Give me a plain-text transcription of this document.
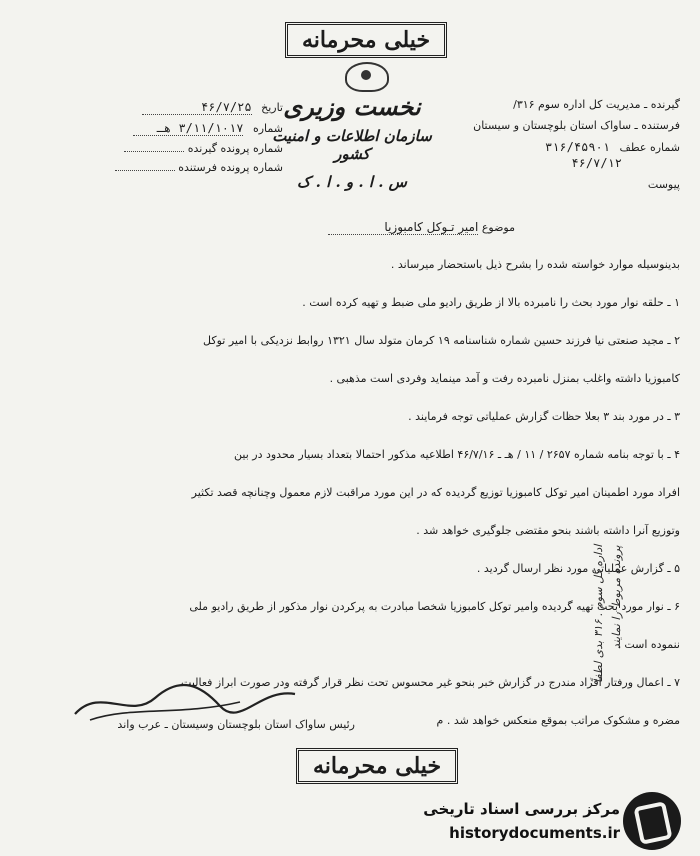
خیلی محرمانه
نخست وزیری
سازمان اطلاعات و امنیت کشور
س . ا . و . ا . ک
تاریخ ۴۶/۷/۲۵
شماره ۳/۱۱/۱۰۱۷ هـ
شماره پرونده گیرنده
شماره پرونده فرستنده
گیرنده ـ مدیریت کل اداره سوم ۳۱۶/
فرستنده ـ ساواک استان بلوچستان و سیستان
شماره عطف ۳۱۶/۴۵۹۰۱
۴۶/۷/۱۲
پیوست
موضوع امیر تـوکل کامبوزیا
بدینوسیله موارد خواسته شده را بشرح ذیل باستحضار میرساند .
۱ ـ حلقه نوار مورد بحث را نامبرده بالا از طریق رادیو ملی ضبط و تهیه کرده است .
۲ ـ مجید صنعتی نیا فرزند حسین شماره شناسنامه ۱۹ کرمان متولد سال ۱۳۲۱ روابط نزدیکی با امیر توکل
کامبوزیا داشته واغلب بمنزل نامبرده رفت و آمد مینماید وفردی است مذهبی .
۳ ـ در مورد بند ۳ بعلا حظات گزارش عملیاتی توجه فرمایند .
۴ ـ با توجه بنامه شماره ۲۶۵۷ / ۱۱ / هـ ـ ۴۶/۷/۱۶ اطلاعیه مذکور احتمالا بتعداد بسیار محدود در بین
افراد مورد اطمینان امیر توکل کامبوزیا توزیع گردیده که در این مورد مراقبت لازم معمول وچنانچه قصد تکثیر
وتوزیع آنرا داشته باشند بنحو مقتضی جلوگیری خواهد شد .
۵ ـ گزارش عملیاتی مورد نظر ارسال گردید .
۶ ـ نوار مورد بحث تهیه گردیده وامیر توکل کامبوزیا شخصا مبادرت به پرکردن نوار مذکور از طریق رادیو ملی
ننموده است .
۷ ـ اعمال ورفتار افراد مندرج در گزارش خبر بنحو غیر محسوس تحت نظر قرار گرفته ودر صورت ابراز فعالیت
مضره و مشکوک مراتب بموقع منعکس خواهد شد . م
اداره کل سوم . ۳۱۶ بدی لطفاً پرونده مربوط را نمایند
رئیس ساواک استان بلوچستان وسیستان ـ عرب واند
خیلی محرمانه
مرکز بررسی اسناد تاریخی
historydocuments.ir
